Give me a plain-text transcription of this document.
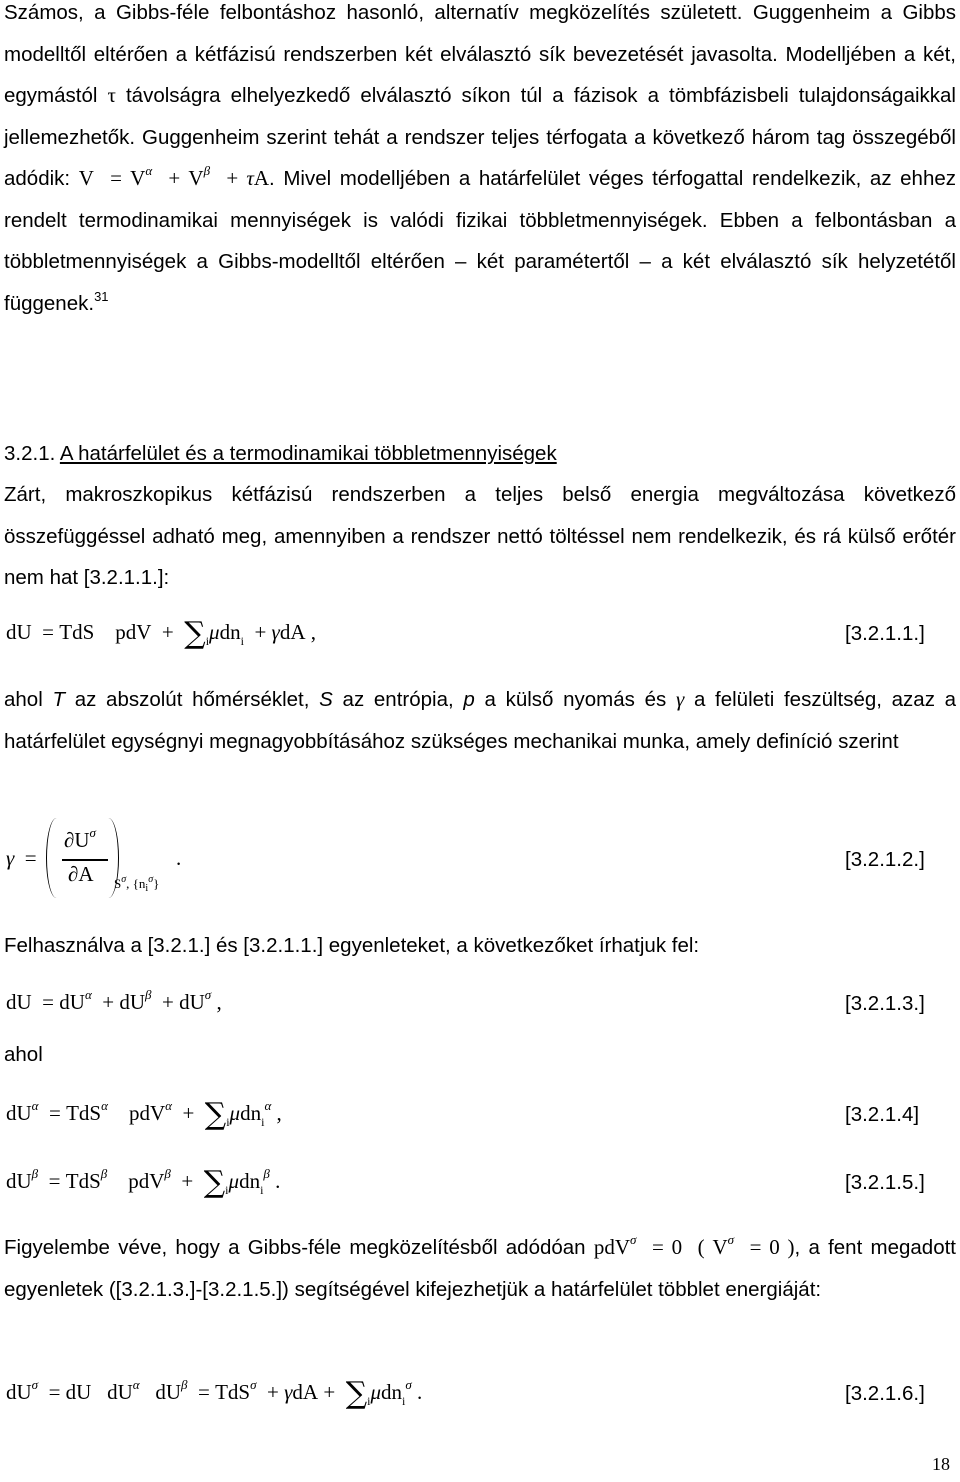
Számos, a Gibbs-féle felbontáshoz hasonló, alternatív megközelítés született. Guggenheim a Gibbs modelltől eltérően a kétfázisú rendszerben két elválasztó sík bevezetését javasolta. Modelljében a két, egymástól τ távolságra elhelyezkedő elválasztó síkon túl a fázisok a tömbfázisbeli tulajdonságaikkal jellemezhetők. Guggenheim szerint tehát a rendszer teljes térfogata a következő három tag összegéből adódik: $V = V^\alpha + V^\beta + \tau A$. Mivel modelljében a határfelület véges térfogattal rendelkezik, az ehhez rendelt termodinamikai mennyiségek is valódi fizikai többletmennyiségek. Ebben a felbontásban a többletmennyiségek a Gibbs-modelltől eltérően – két paramétertől – a két elválasztó sík helyzetétől függenek.$^{31}$

3.2.1. A határfelület és a termodinamikai többletmennyiségek

Zárt, makroszkopikus kétfázisú rendszerben a teljes belső energia megváltozása következő összefüggéssel adható meg, amennyiben a rendszer nettó töltéssel nem rendelkezik, és rá külső erőtér nem hat [3.2.1.1.]:

dU  = TdS    pdV  +  $\sum_i\mu dn_i + \gamma dA$ ,	[3.2.1.1.]

ahol T az abszolút hőmérséklet, S az entrópia, p a külső nyomás és γ a felületi feszültség, azaz a határfelület egységnyi megnagyobbításához szükséges mechanikai munka, amely definíció szerint

γ  =
$\partial U^\sigma$
∂A $S^\sigma$, $\{n_i^\sigma\}$
.	[3.2.1.2.]

Felhasználva a [3.2.1.] és [3.2.1.1.] egyenleteket, a következőket írhatjuk fel:

dU  = $dU^\alpha + dU^\beta + dU^\sigma$ ,	[3.2.1.3.]

ahol

$dU^\alpha = TdS^\alpha$    $pdV^\alpha + \sum_i\mu dn_i^\alpha$ ,	[3.2.1.4]
$dU^\beta = TdS^\beta$    $pdV^\beta + \sum_i\mu dn_i^\beta$ .	[3.2.1.5.]

Figyelembe véve, hogy a Gibbs-féle megközelítésből adódóan pdV$^\sigma$  = 0  ( $V^\sigma = 0$ ), a fent megadott egyenletek ([3.2.1.3.]-[3.2.1.5.]) segítségével kifejezhetjük a határfelület többlet energiáját:

$dU^\sigma$  = dU   $dU^\alpha$   $dU^\beta = TdS^\sigma + \gamma dA + \sum_i\mu dn_i^\sigma$ .	[3.2.1.6.]
18
